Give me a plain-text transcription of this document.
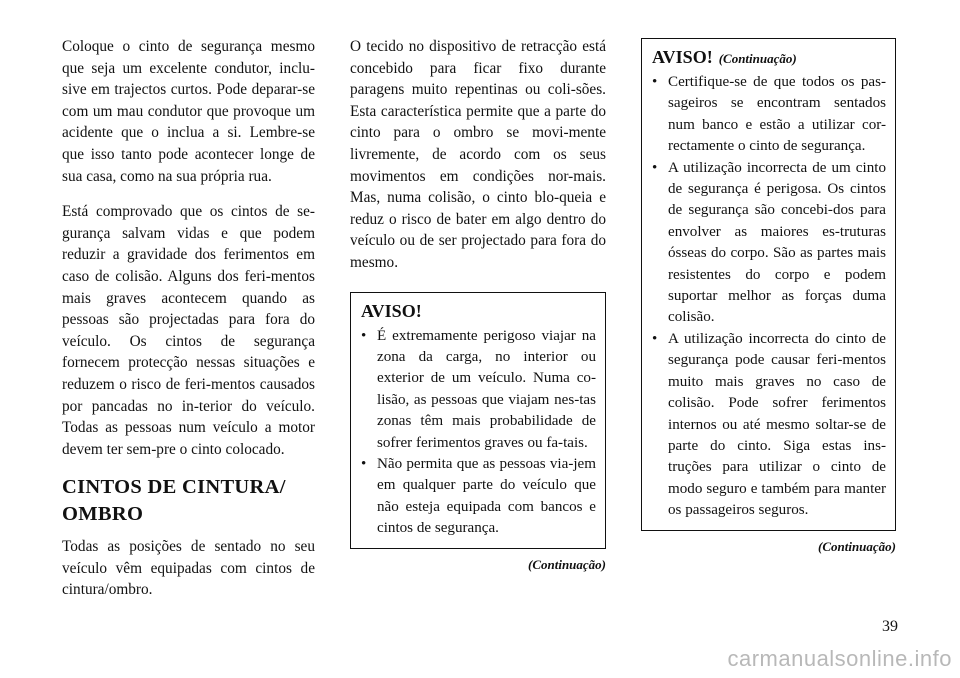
Coloque o cinto de segurança mesmo que seja um excelente condutor, inclu-sive em trajectos curtos. Pode deparar-se com um mau condutor que provoque um acidente que o inclua a si. Lembre-se que isso tanto pode acontecer longe de sua casa, como na sua própria rua.

Está comprovado que os cintos de se-gurança salvam vidas e que podem reduzir a gravidade dos ferimentos em caso de colisão. Alguns dos feri-mentos mais graves acontecem quando as pessoas são projectadas para fora do veículo. Os cintos de segurança fornecem protecção nessas situações e reduzem o risco de feri-mentos causados por pancadas no in-terior do veículo. Todas as pessoas num veículo a motor devem ter sem-pre o cinto colocado.

CINTOS DE CINTURA/ OMBRO

Todas as posições de sentado no seu veículo vêm equipadas com cintos de cintura/ombro.

O tecido no dispositivo de retracção está concebido para ficar fixo durante paragens muito repentinas ou coli-sões. Esta característica permite que a parte do cinto para o ombro se movi-mente livremente, de acordo com os seus movimentos em condições nor-mais. Mas, numa colisão, o cinto blo-queia e reduz o risco de bater em algo dentro do veículo ou de ser projectado para fora do mesmo.

AVISO!
• É extremamente perigoso viajar na zona da carga, no interior ou exterior de um veículo. Numa co-lisão, as pessoas que viajam nes-tas zonas têm mais probabilidade de sofrer ferimentos graves ou fa-tais.
• Não permita que as pessoas via-jem em qualquer parte do veículo que não esteja equipada com bancos e cintos de segurança.
(Continuação)
AVISO! (Continuação)
• Certifique-se de que todos os pas-sageiros se encontram sentados num banco e estão a utilizar cor-rectamente o cinto de segurança.
• A utilização incorrecta de um cinto de segurança é perigosa. Os cintos de segurança são concebi-dos para envolver as maiores es-truturas ósseas do corpo. São as partes mais resistentes do corpo e podem suportar melhor as forças duma colisão.
• A utilização incorrecta do cinto de segurança pode causar feri-mentos muito mais graves no caso de colisão. Pode sofrer ferimentos internos ou até mesmo soltar-se de parte do cinto. Siga estas ins-truções para utilizar o cinto de modo seguro e também para manter os passageiros seguros.
(Continuação)
39
carmanualsonline.info
